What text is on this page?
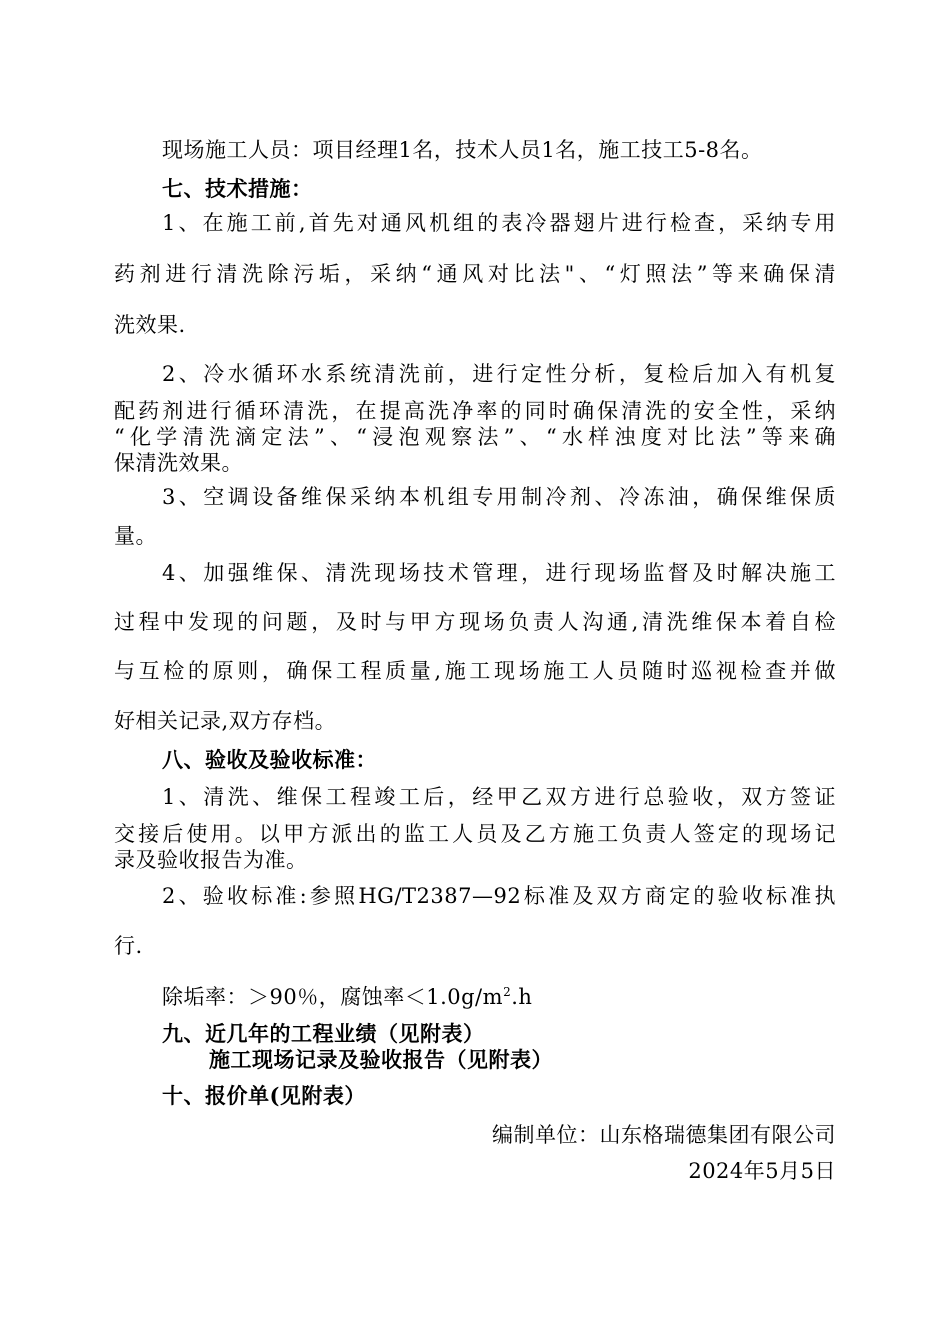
现场施工人员：项目经理1名，技术人员1名，施工技工5-8名。
七、技术措施：
1、在施工前,首先对通风机组的表冷器翅片进行检查，采纳专用
药剂进行清洗除污垢，采纳“通风对比法"、“灯照法”等来确保清
洗效果.
2、冷水循环水系统清洗前，进行定性分析，复检后加入有机复
配药剂进行循环清洗，在提高洗净率的同时确保清洗的安全性，采纳
“化学清洗滴定法”、“浸泡观察法”、“水样浊度对比法”等来确
保清洗效果。
3、空调设备维保采纳本机组专用制冷剂、冷冻油，确保维保质
量。
4、加强维保、清洗现场技术管理，进行现场监督及时解决施工
过程中发现的问题，及时与甲方现场负责人沟通,清洗维保本着自检
与互检的原则，确保工程质量,施工现场施工人员随时巡视检查并做
好相关记录,双方存档。
八、验收及验收标准：
1、清洗、维保工程竣工后，经甲乙双方进行总验收，双方签证
交接后使用。以甲方派出的监工人员及乙方施工负责人签定的现场记
录及验收报告为准。
2、验收标准:参照HG/T2387—92标准及双方商定的验收标准执
行.
除垢率：＞90％，腐蚀率$<1.0g/m^2.h$
九、近几年的工程业绩（见附表）
施工现场记录及验收报告（见附表）
十、报价单(见附表）
编制单位：山东格瑞德集团有限公司
2024年5月5日
